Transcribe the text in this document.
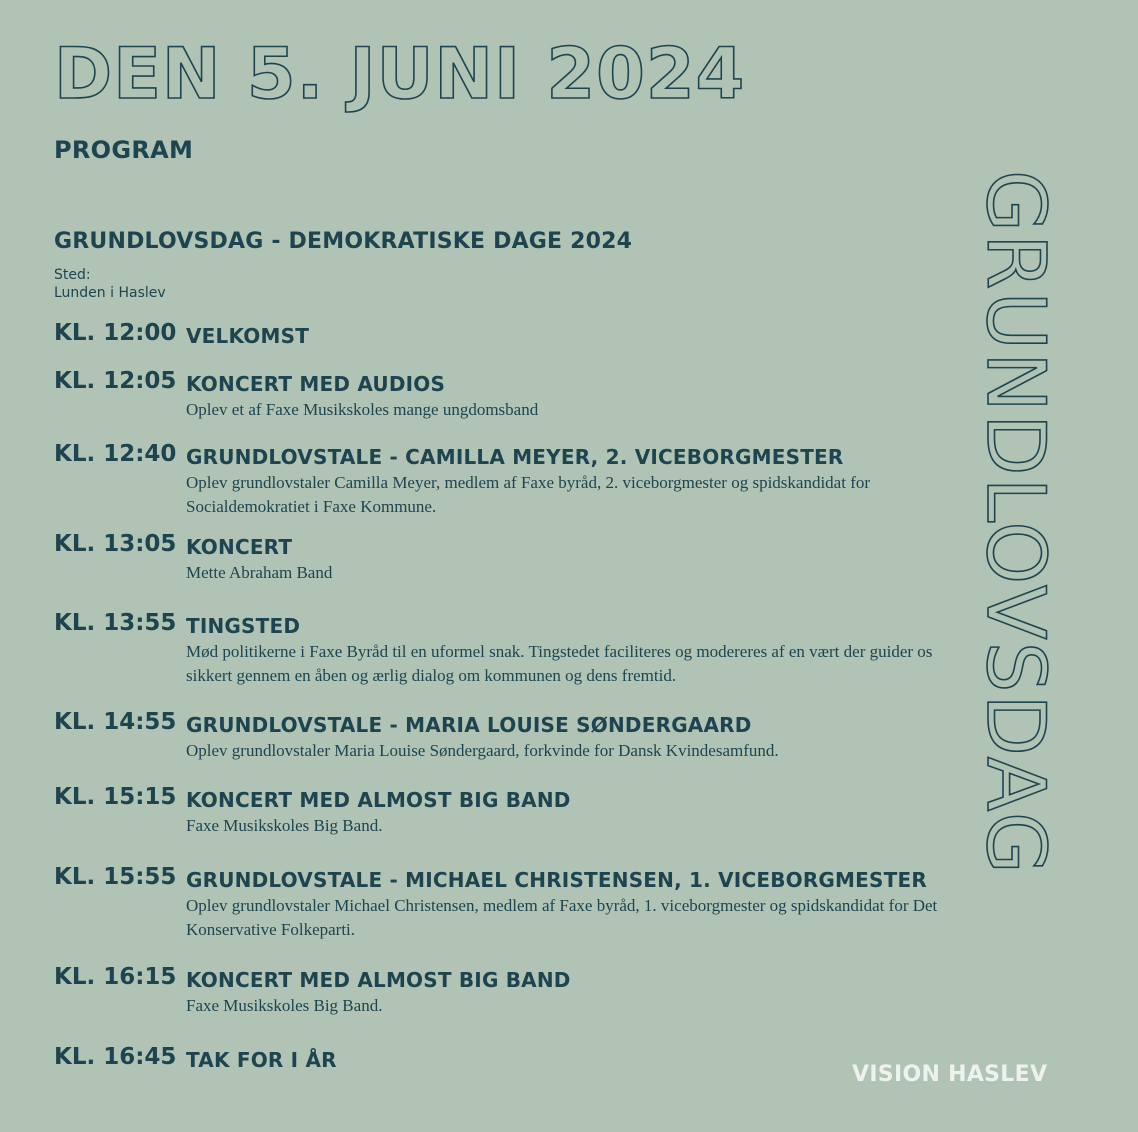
DEN 5. JUNI 2024
PROGRAM
GRUNDLOVSDAG - DEMOKRATISKE DAGE 2024
Sted:
Lunden i Haslev
KL. 12:00 VELKOMST
KL. 12:05 KONCERT MED AUDIOS
Oplev et af Faxe Musikskoles mange ungdomsband
KL. 12:40 GRUNDLOVSTALE - CAMILLA MEYER, 2. VICEBORGMESTER
Oplev grundlovstaler Camilla Meyer, medlem af Faxe byråd, 2. viceborgmester og spidskandidat for Socialdemokratiet i Faxe Kommune.
KL. 13:05 KONCERT
Mette Abraham Band
KL. 13:55 TINGSTED
Mød politikerne i Faxe Byråd til en uformel snak. Tingstedet faciliteres og modereres af en vært der guider os sikkert gennem en åben og ærlig dialog om kommunen og dens fremtid.
KL. 14:55 GRUNDLOVSTALE - MARIA LOUISE SØNDERGAARD
Oplev grundlovstaler Maria Louise Søndergaard, forkvinde for Dansk Kvindesamfund.
KL. 15:15 KONCERT MED ALMOST BIG BAND
Faxe Musikskoles Big Band.
KL. 15:55 GRUNDLOVSTALE - MICHAEL CHRISTENSEN, 1. VICEBORGMESTER
Oplev grundlovstaler Michael Christensen, medlem af Faxe byråd, 1. viceborgmester og spidskandidat for Det Konservative Folkeparti.
KL. 16:15 KONCERT MED ALMOST BIG BAND
Faxe Musikskoles Big Band.
KL. 16:45 TAK FOR I ÅR
GRUNDLOVSDAG
VISION HASLEV
